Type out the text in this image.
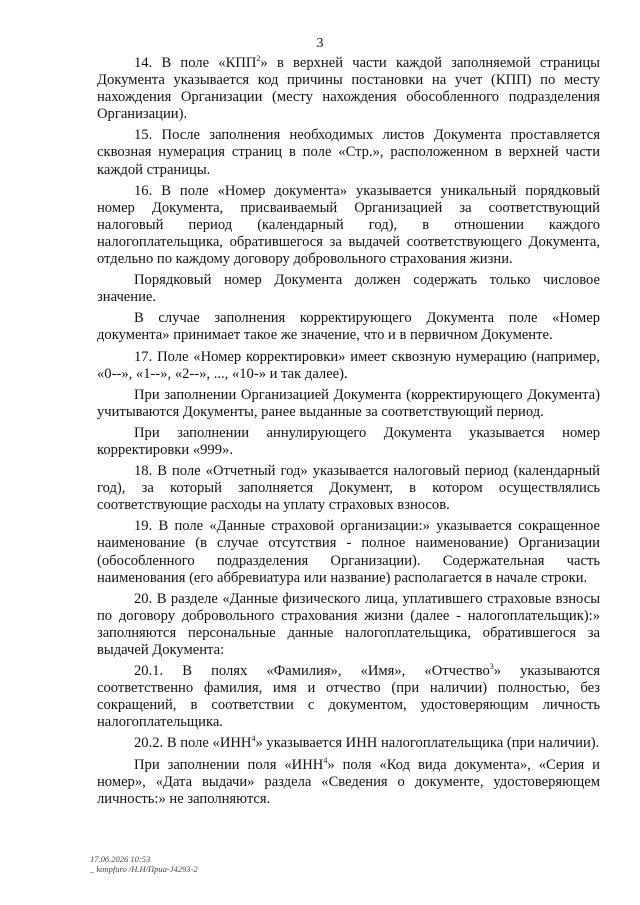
3

14. В поле «КПП$^2$» в верхней части каждой заполняемой страницы Документа указывается код причины постановки на учет (КПП) по месту нахождения Организации (месту нахождения обособленного подразделения Организации).

15. После заполнения необходимых листов Документа проставляется сквозная нумерация страниц в поле «Стр.», расположенном в верхней части каждой страницы.

16. В поле «Номер документа» указывается уникальный порядковый номер Документа, присваиваемый Организацией за соответствующий налоговый период (календарный год), в отношении каждого налогоплательщика, обратившегося за выдачей соответствующего Документа, отдельно по каждому договору добровольного страхования жизни.

Порядковый номер Документа должен содержать только числовое значение.

В случае заполнения корректирующего Документа поле «Номер документа» принимает такое же значение, что и в первичном Документе.

17. Поле «Номер корректировки» имеет сквозную нумерацию (например, «0--», «1--», «2--», ..., «10-» и так далее).

При заполнении Организацией Документа (корректирующего Документа) учитываются Документы, ранее выданные за соответствующий период.

При заполнении аннулирующего Документа указывается номер корректировки «999».

18. В поле «Отчетный год» указывается налоговый период (календарный год), за который заполняется Документ, в котором осуществлялись соответствующие расходы на уплату страховых взносов.

19. В поле «Данные страховой организации:» указывается сокращенное наименование (в случае отсутствия - полное наименование) Организации (обособленного подразделения Организации). Содержательная часть наименования (его аббревиатура или название) располагается в начале строки.

20. В разделе «Данные физического лица, уплатившего страховые взносы по договору добровольного страхования жизни (далее - налогоплательщик):» заполняются персональные данные налогоплательщика, обратившегося за выдачей Документа:

20.1. В полях «Фамилия», «Имя», «Отчество$^3$» указываются соответственно фамилия, имя и отчество (при наличии) полностью, без сокращений, в соответствии с документом, удостоверяющим личность налогоплательщика.

20.2. В поле «ИНН$^4$» указывается ИНН налогоплательщика (при наличии).

При заполнении поля «ИНН$^4$» поля «Код вида документа», «Серия и номер», «Дата выдачи» раздела «Сведения о документе, удостоверяющем личность:» не заполняются.

17.06.2026 10:53
_ konpfuro /Н.Н/Приа-Ј4293-2
